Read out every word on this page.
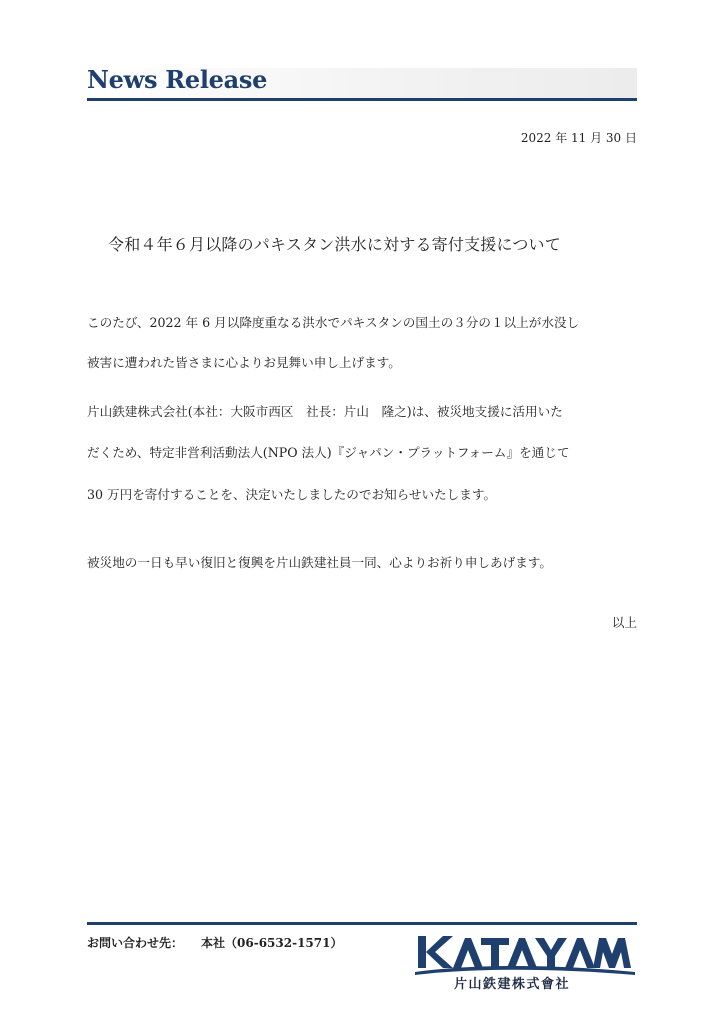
News Release
2022 年 11 月 30 日
令和４年６月以降のパキスタン洪水に対する寄付支援について
このたび、2022 年 6 月以降度重なる洪水でパキスタンの国土の３分の１以上が水没し
被害に遭われた皆さまに心よりお見舞い申し上げます。
片山鉄建株式会社(本社：大阪市西区　社長：片山　隆之)は、被災地支援に活用いた
だくため、特定非営利活動法人(NPO 法人)『ジャパン・プラットフォーム』を通じて
30 万円を寄付することを、決定いたしましたのでお知らせいたします。
被災地の一日も早い復旧と復興を片山鉄建社員一同、心よりお祈り申しあげます。
以上
お問い合わせ先： 本社（06-6532-1571）
片山鉄建株式會社
